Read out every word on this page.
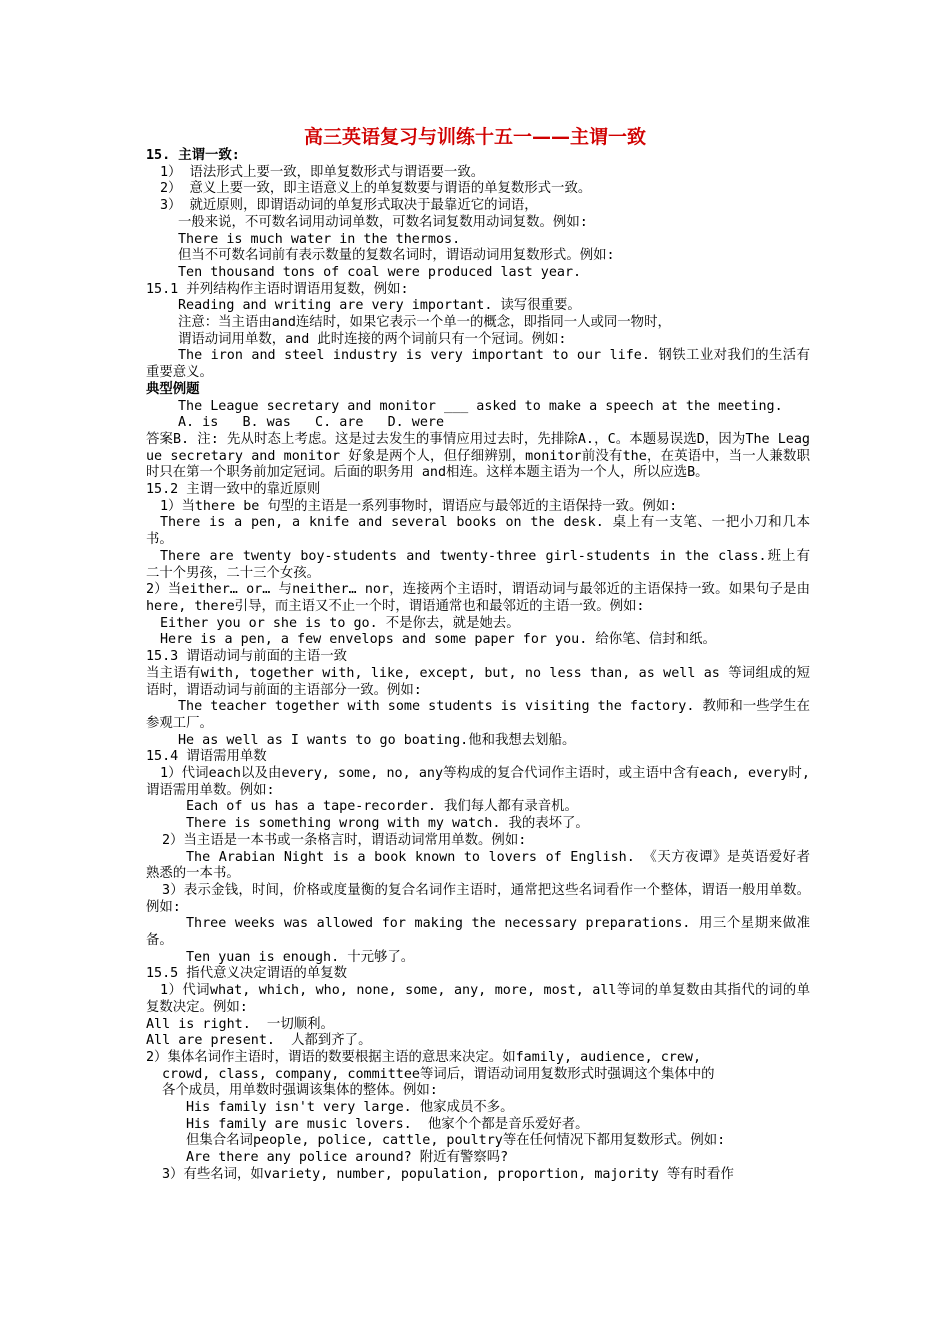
高三英语复习与训练十五一——主谓一致
15. 主谓一致:
1） 语法形式上要一致，即单复数形式与谓语要一致。
2） 意义上要一致，即主语意义上的单复数要与谓语的单复数形式一致。
3） 就近原则，即谓语动词的单复形式取决于最靠近它的词语，
一般来说，不可数名词用动词单数，可数名词复数用动词复数。例如:
There is much water in the thermos.
但当不可数名词前有表示数量的复数名词时，谓语动词用复数形式。例如:
Ten thousand tons of coal were produced last year.
15.1 并列结构作主语时谓语用复数，例如:
Reading and writing are very important. 读写很重要。
注意：当主语由and连结时，如果它表示一个单一的概念，即指同一人或同一物时，
谓语动词用单数，and 此时连接的两个词前只有一个冠词。例如:
The iron and steel industry is very important to our life. 钢铁工业对我们的生活有重要意义。
典型例题
The League secretary and monitor ___ asked to make a speech at the meeting.
A. is   B. was   C. are   D. were
答案B. 注: 先从时态上考虑。这是过去发生的事情应用过去时，先排除A.，C。本题易误选D，因为The League secretary and monitor 好象是两个人，但仔细辨别，monitor前没有the，在英语中，当一人兼数职时只在第一个职务前加定冠词。后面的职务用 and相连。这样本题主语为一个人，所以应选B。
15.2 主谓一致中的靠近原则
1）当there be 句型的主语是一系列事物时，谓语应与最邻近的主语保持一致。例如:
There is a pen, a knife and several books on the desk. 桌上有一支笔、一把小刀和几本书。
There are twenty boy-students and twenty-three girl-students in the class.班上有二十个男孩，二十三个女孩。
2）当either… or… 与neither… nor，连接两个主语时，谓语动词与最邻近的主语保持一致。如果句子是由here, there引导，而主语又不止一个时，谓语通常也和最邻近的主语一致。例如:
Either you or she is to go. 不是你去，就是她去。
Here is a pen, a few envelops and some paper for you. 给你笔、信封和纸。
15.3 谓语动词与前面的主语一致
当主语有with, together with, like, except, but, no less than, as well as 等词组成的短语时，谓语动词与前面的主语部分一致。例如:
The teacher together with some students is visiting the factory. 教师和一些学生在参观工厂。
He as well as I wants to go boating.他和我想去划船。
15.4 谓语需用单数
1）代词each以及由every, some, no, any等构成的复合代词作主语时，或主语中含有each, every时, 谓语需用单数。例如:
Each of us has a tape-recorder. 我们每人都有录音机。
There is something wrong with my watch. 我的表坏了。
2）当主语是一本书或一条格言时，谓语动词常用单数。例如:
The Arabian Night is a book known to lovers of English. 《天方夜谭》是英语爱好者熟悉的一本书。
3）表示金钱，时间，价格或度量衡的复合名词作主语时，通常把这些名词看作一个整体，谓语一般用单数。例如:
Three weeks was allowed for making the necessary preparations. 用三个星期来做准备。
Ten yuan is enough. 十元够了。
15.5 指代意义决定谓语的单复数
1）代词what, which, who, none, some, any, more, most, all等词的单复数由其指代的词的单复数决定。例如:
All is right.  一切顺利。
All are present.  人都到齐了。
2）集体名词作主语时，谓语的数要根据主语的意思来决定。如family, audience, crew,
crowd, class, company, committee等词后，谓语动词用复数形式时强调这个集体中的
各个成员，用单数时强调该集体的整体。例如:
His family isn't very large. 他家成员不多。
His family are music lovers.  他家个个都是音乐爱好者。
但集合名词people, police, cattle, poultry等在任何情况下都用复数形式。例如:
Are there any police around? 附近有警察吗?
3）有些名词，如variety, number, population, proportion, majority 等有时看作
